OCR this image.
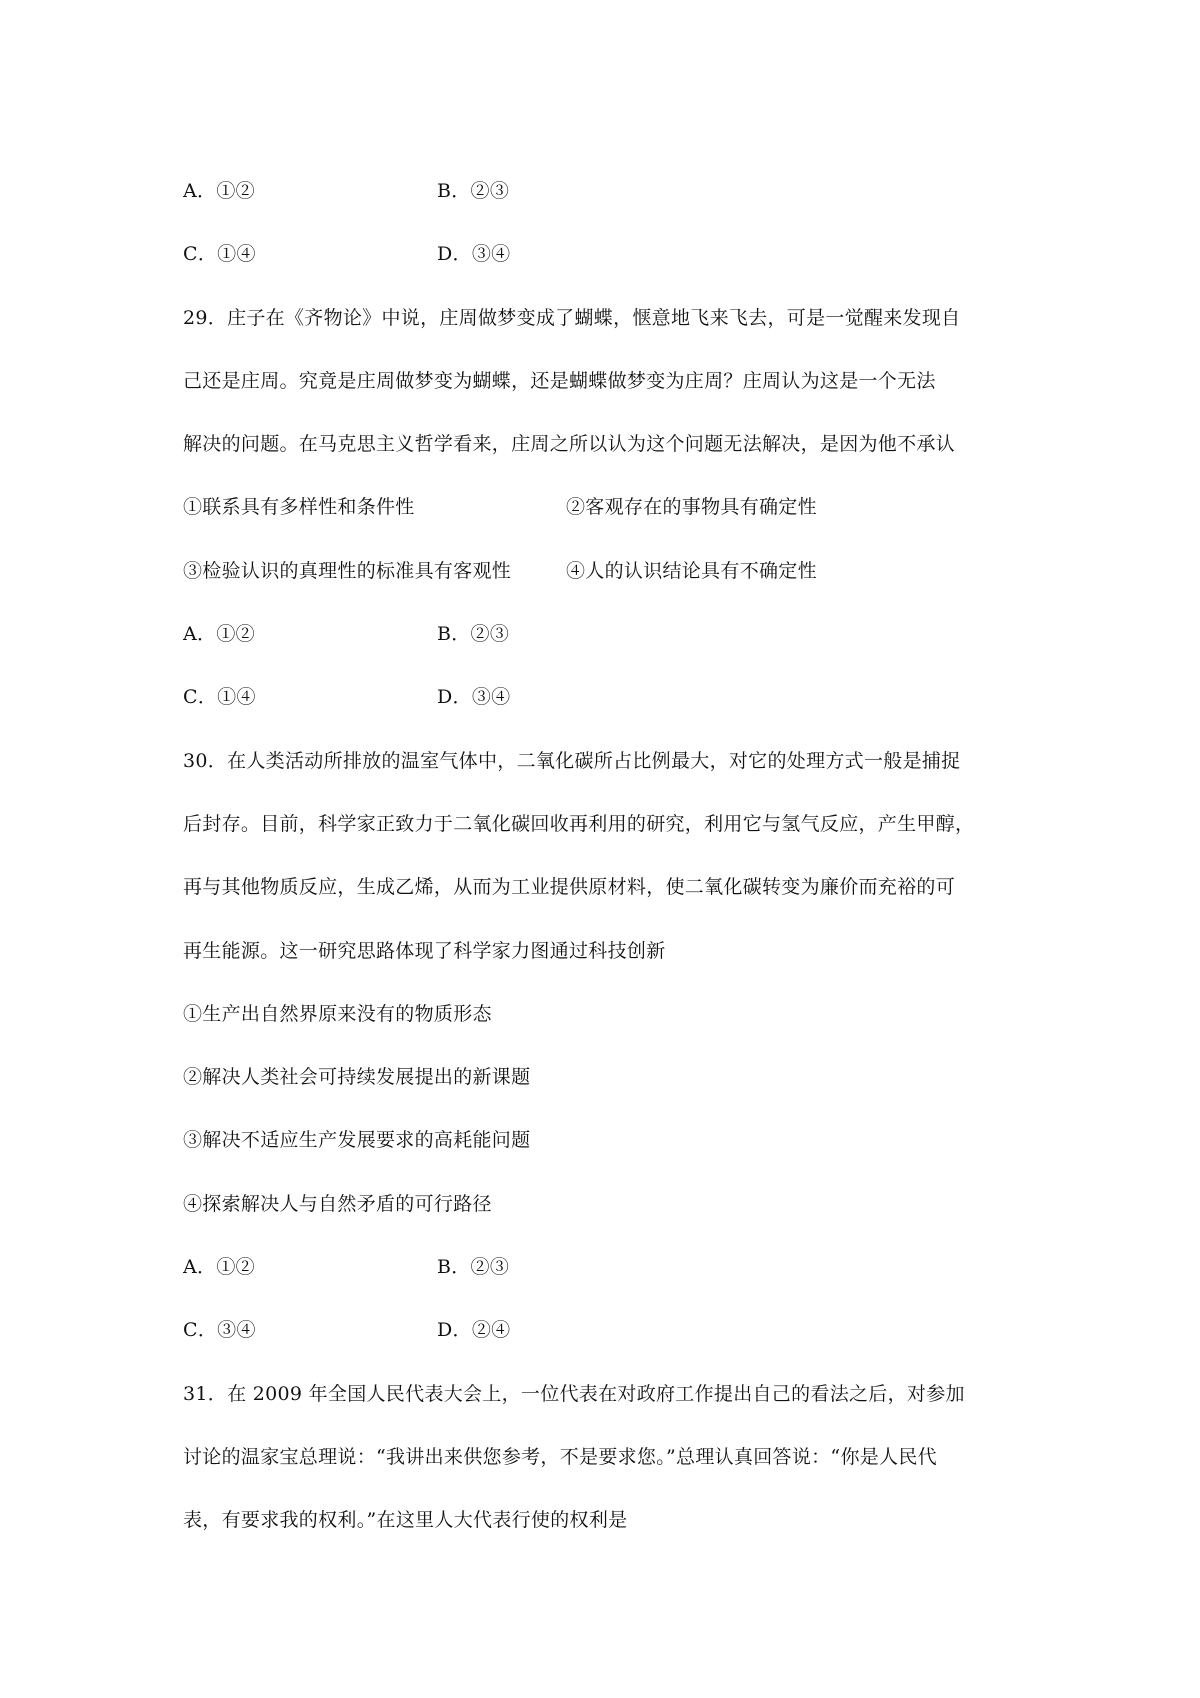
A．①②	B．②③
C．①④	D．③④
29．庄子在《齐物论》中说，庄周做梦变成了蝴蝶，惬意地飞来飞去，可是一觉醒来发现自
己还是庄周。究竟是庄周做梦变为蝴蝶，还是蝴蝶做梦变为庄周？庄周认为这是一个无法
解决的问题。在马克思主义哲学看来，庄周之所以认为这个问题无法解决，是因为他不承认
①联系具有多样性和条件性	②客观存在的事物具有确定性
③检验认识的真理性的标准具有客观性	④人的认识结论具有不确定性
A．①②	B．②③
C．①④	D．③④
30．在人类活动所排放的温室气体中，二氧化碳所占比例最大，对它的处理方式一般是捕捉
后封存。目前，科学家正致力于二氧化碳回收再利用的研究，利用它与氢气反应，产生甲醇，
再与其他物质反应，生成乙烯，从而为工业提供原材料，使二氧化碳转变为廉价而充裕的可
再生能源。这一研究思路体现了科学家力图通过科技创新
①生产出自然界原来没有的物质形态
②解决人类社会可持续发展提出的新课题
③解决不适应生产发展要求的高耗能问题
④探索解决人与自然矛盾的可行路径
A．①②	B．②③
C．③④	D．②④
31．在 2009 年全国人民代表大会上，一位代表在对政府工作提出自己的看法之后，对参加
讨论的温家宝总理说：“我讲出来供您参考，不是要求您。”总理认真回答说：“你是人民代
表，有要求我的权利。”在这里人大代表行使的权利是
